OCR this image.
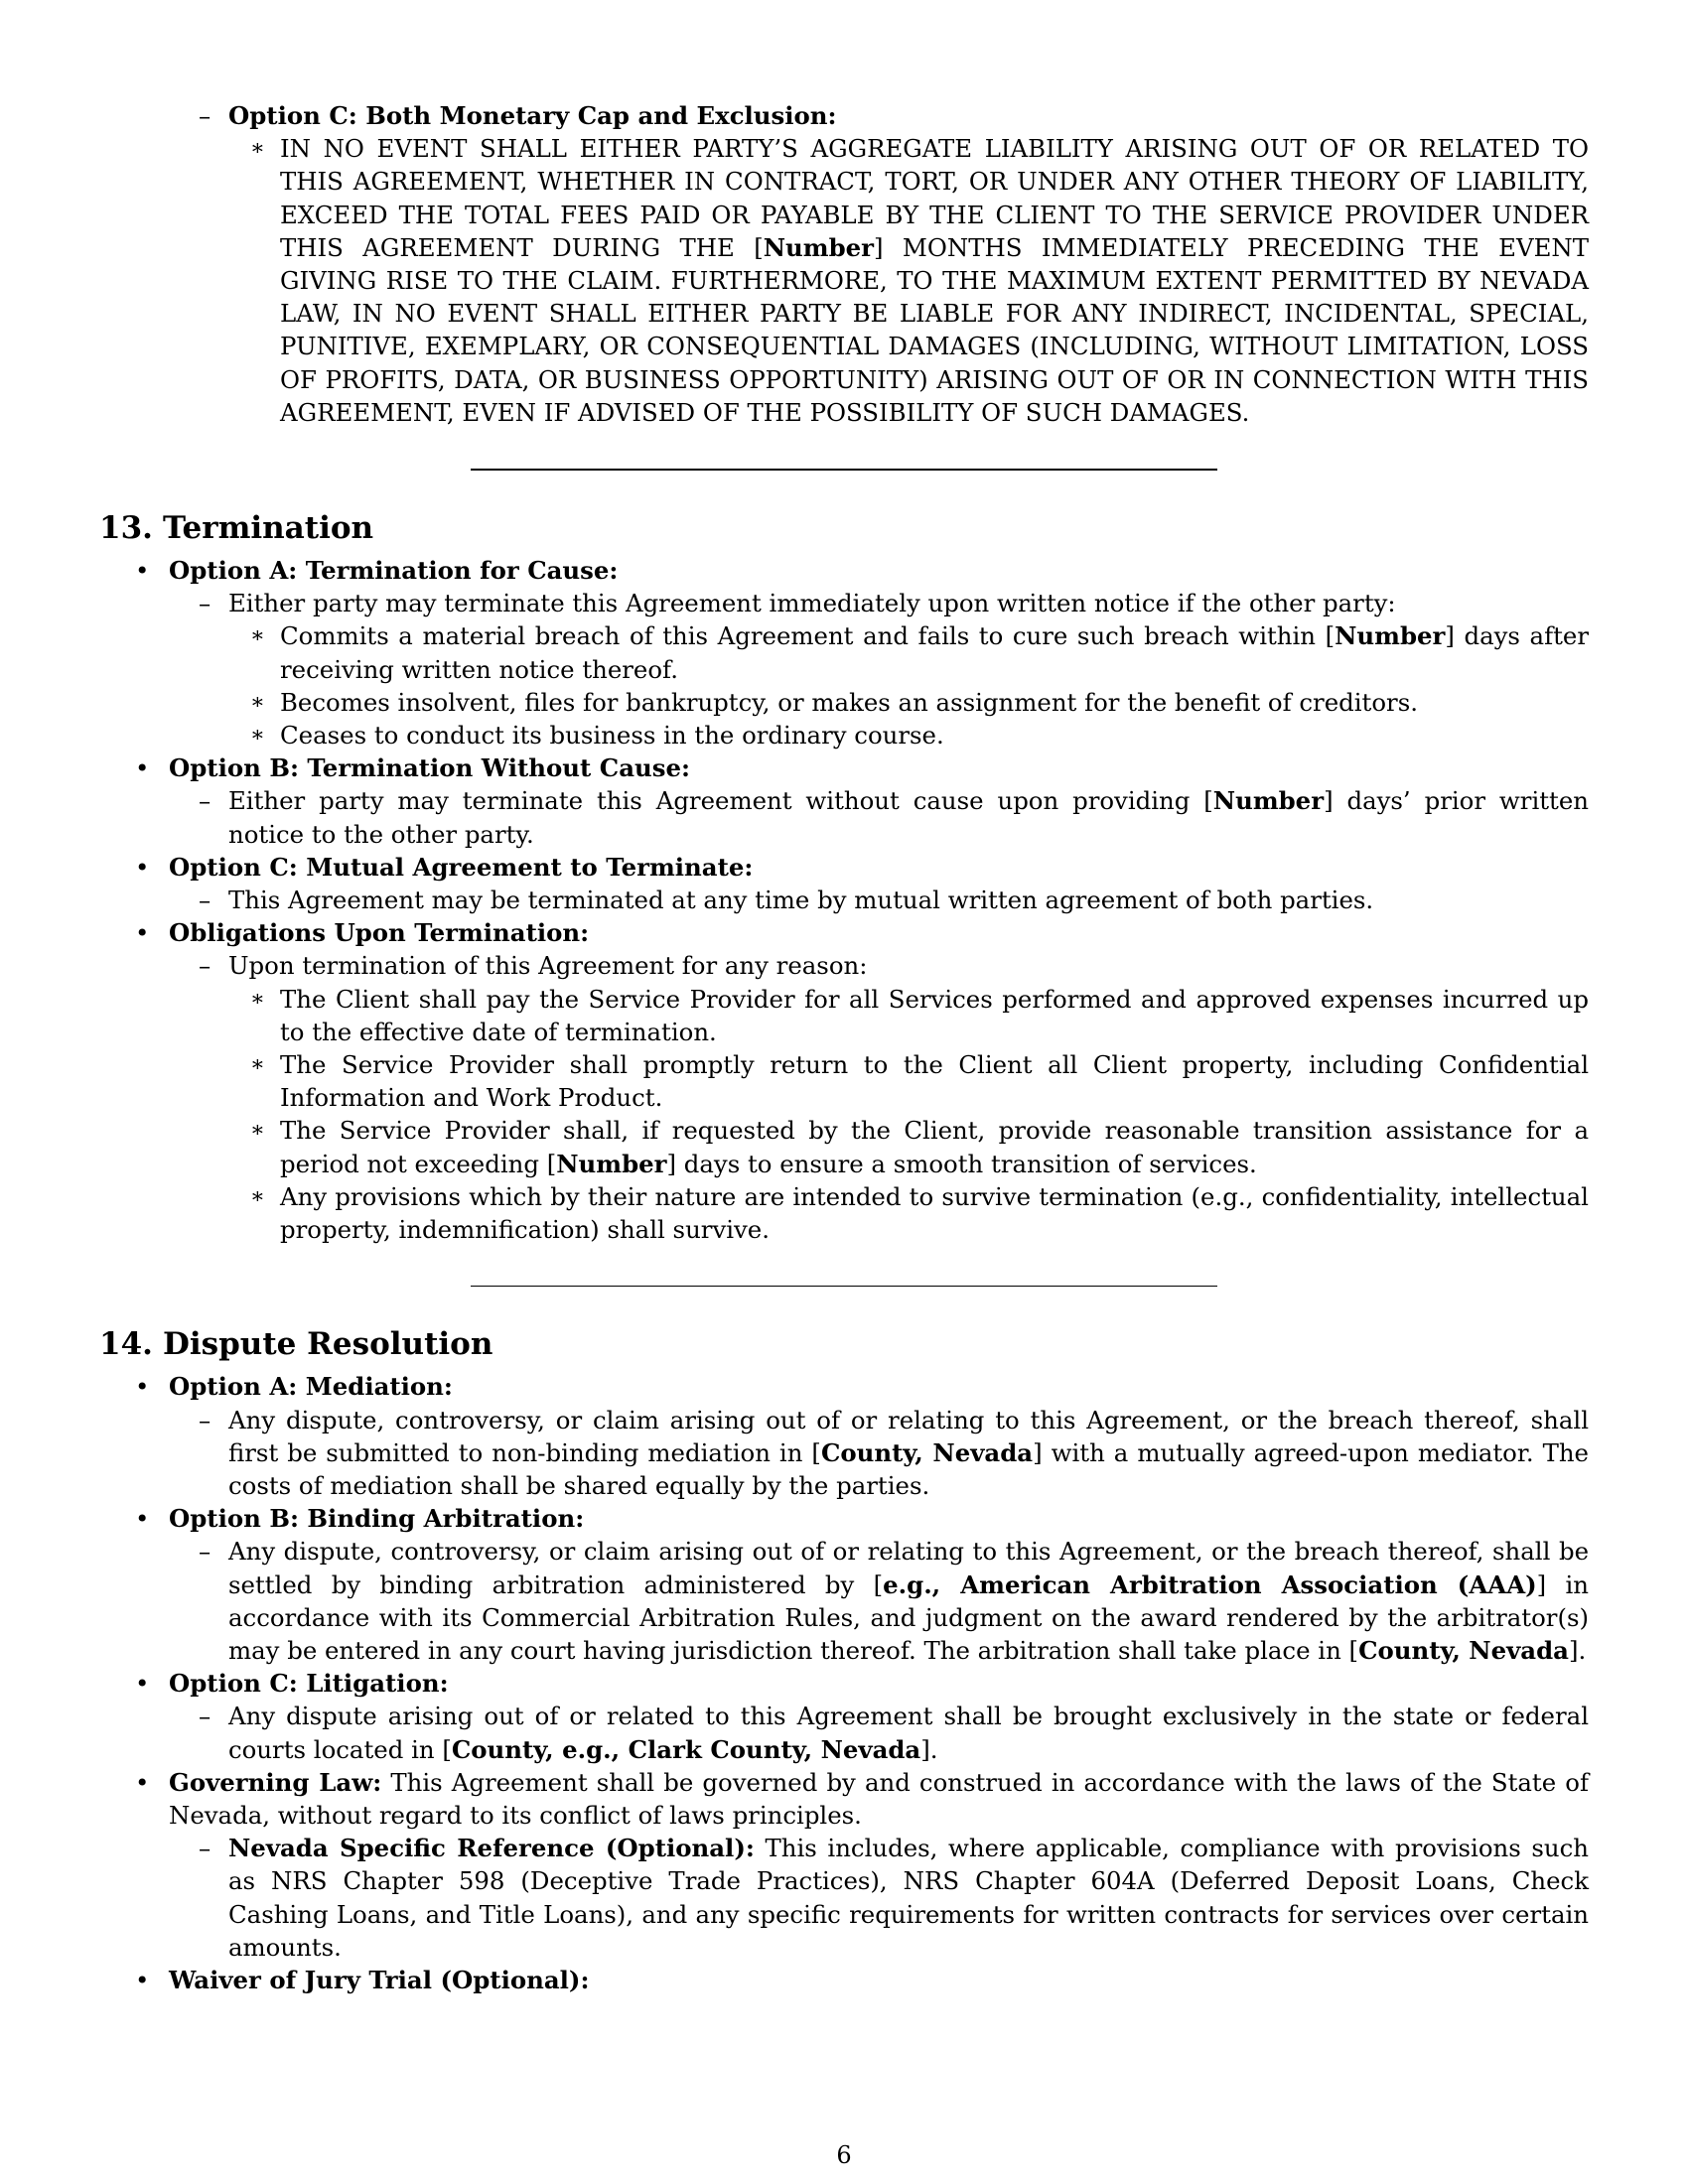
– Option C: Both Monetary Cap and Exclusion:
∗ IN NO EVENT SHALL EITHER PARTY’S AGGREGATE LIABILITY ARISING OUT OF OR RELATED TO THIS AGREEMENT, WHETHER IN CONTRACT, TORT, OR UNDER ANY OTHER THEORY OF LIABILITY, EXCEED THE TOTAL FEES PAID OR PAYABLE BY THE CLIENT TO THE SERVICE PROVIDER UNDER THIS AGREEMENT DURING THE [Number] MONTHS IMMEDIATELY PRECEDING THE EVENT GIVING RISE TO THE CLAIM. FURTHERMORE, TO THE MAXIMUM EXTENT PERMITTED BY NEVADA LAW, IN NO EVENT SHALL EITHER PARTY BE LIABLE FOR ANY INDIRECT, INCIDENTAL, SPECIAL, PUNITIVE, EXEMPLARY, OR CONSEQUENTIAL DAMAGES (INCLUDING, WITHOUT LIMITATION, LOSS OF PROFITS, DATA, OR BUSINESS OPPORTUNITY) ARISING OUT OF OR IN CONNECTION WITH THIS AGREEMENT, EVEN IF ADVISED OF THE POSSIBILITY OF SUCH DAMAGES.
13. Termination
• Option A: Termination for Cause:
– Either party may terminate this Agreement immediately upon written notice if the other party:
∗ Commits a material breach of this Agreement and fails to cure such breach within [Number] days after receiving written notice thereof.
∗ Becomes insolvent, files for bankruptcy, or makes an assignment for the benefit of creditors.
∗ Ceases to conduct its business in the ordinary course.
• Option B: Termination Without Cause:
– Either party may terminate this Agreement without cause upon providing [Number] days’ prior written notice to the other party.
• Option C: Mutual Agreement to Terminate:
– This Agreement may be terminated at any time by mutual written agreement of both parties.
• Obligations Upon Termination:
– Upon termination of this Agreement for any reason:
∗ The Client shall pay the Service Provider for all Services performed and approved expenses incurred up to the effective date of termination.
∗ The Service Provider shall promptly return to the Client all Client property, including Confidential Information and Work Product.
∗ The Service Provider shall, if requested by the Client, provide reasonable transition assistance for a period not exceeding [Number] days to ensure a smooth transition of services.
∗ Any provisions which by their nature are intended to survive termination (e.g., confidentiality, intellectual property, indemnification) shall survive.
14. Dispute Resolution
• Option A: Mediation:
– Any dispute, controversy, or claim arising out of or relating to this Agreement, or the breach thereof, shall first be submitted to non-binding mediation in [County, Nevada] with a mutually agreed-upon mediator. The costs of mediation shall be shared equally by the parties.
• Option B: Binding Arbitration:
– Any dispute, controversy, or claim arising out of or relating to this Agreement, or the breach thereof, shall be settled by binding arbitration administered by [e.g., American Arbitration Association (AAA)] in accordance with its Commercial Arbitration Rules, and judgment on the award rendered by the arbitrator(s) may be entered in any court having jurisdiction thereof. The arbitration shall take place in [County, Nevada].
• Option C: Litigation:
– Any dispute arising out of or related to this Agreement shall be brought exclusively in the state or federal courts located in [County, e.g., Clark County, Nevada].
• Governing Law: This Agreement shall be governed by and construed in accordance with the laws of the State of Nevada, without regard to its conflict of laws principles.
– Nevada Specific Reference (Optional): This includes, where applicable, compliance with provisions such as NRS Chapter 598 (Deceptive Trade Practices), NRS Chapter 604A (Deferred Deposit Loans, Check Cashing Loans, and Title Loans), and any specific requirements for written contracts for services over certain amounts.
• Waiver of Jury Trial (Optional):
6
